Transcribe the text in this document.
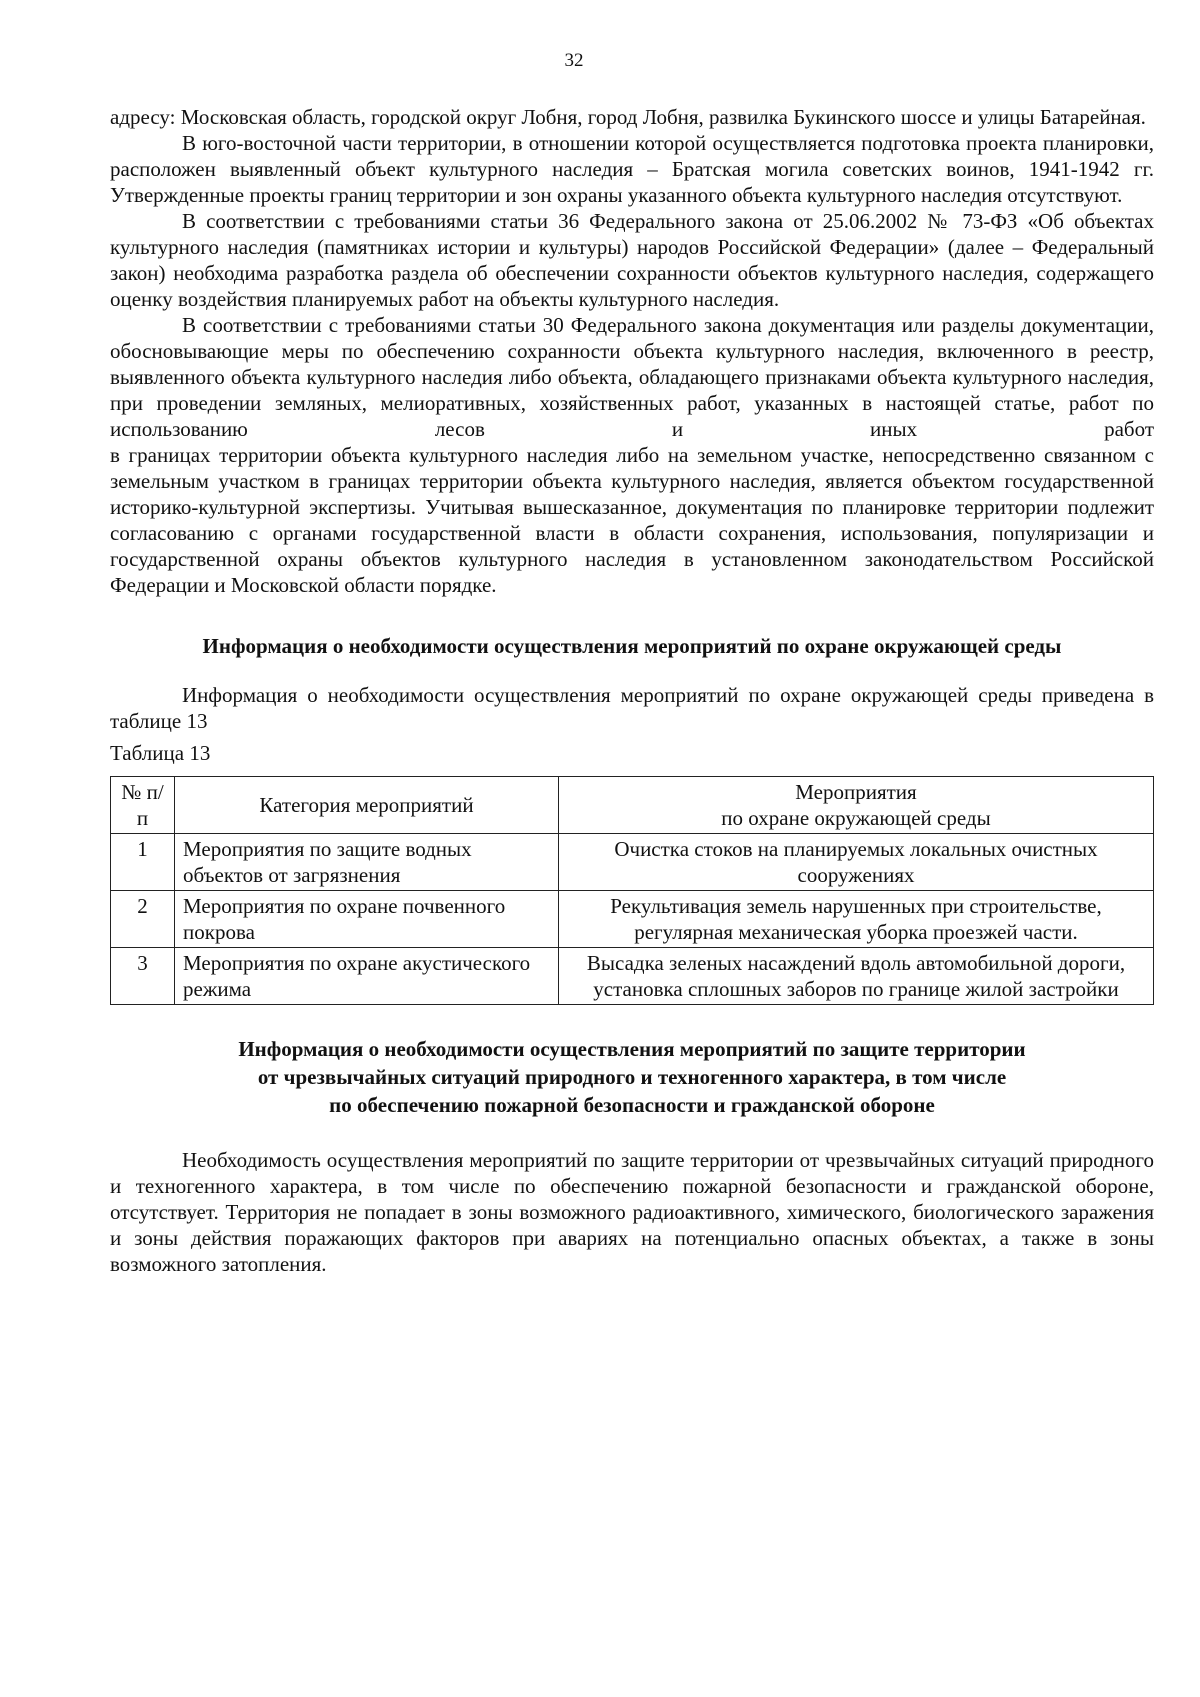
32

адресу: Московская область, городской округ Лобня, город Лобня, развилка Букинского шоссе и улицы Батарейная.

В юго-восточной части территории, в отношении которой осуществляется подготовка проекта планировки, расположен выявленный объект культурного наследия – Братская могила советских воинов, 1941-1942 гг. Утвержденные проекты границ территории и зон охраны указанного объекта культурного наследия отсутствуют.

В соответствии с требованиями статьи 36 Федерального закона от 25.06.2002 № 73-ФЗ «Об объектах культурного наследия (памятниках истории и культуры) народов Российской Федерации» (далее – Федеральный закон) необходима разработка раздела об обеспечении сохранности объектов культурного наследия, содержащего оценку воздействия планируемых работ на объекты культурного наследия.

В соответствии с требованиями статьи 30 Федерального закона документация или разделы документации, обосновывающие меры по обеспечению сохранности объекта культурного наследия, включенного в реестр, выявленного объекта культурного наследия либо объекта, обладающего признаками объекта культурного наследия, при проведении земляных, мелиоративных, хозяйственных работ, указанных в настоящей статье, работ по использованию лесов и иных работ

в границах территории объекта культурного наследия либо на земельном участке, непосредственно связанном с земельным участком в границах территории объекта культурного наследия, является объектом государственной историко-культурной экспертизы. Учитывая вышесказанное, документация по планировке территории подлежит согласованию с органами государственной власти в области сохранения, использования, популяризации и государственной охраны объектов культурного наследия в установленном законодательством Российской Федерации и Московской области порядке.

Информация о необходимости осуществления мероприятий по охране окружающей среды

Информация о необходимости осуществления мероприятий по охране окружающей среды приведена в таблице 13

Таблица 13

№ п/п	Категория мероприятий	Мероприятия
по охране окружающей среды
1	Мероприятия по защите водных объектов от загрязнения	Очистка стоков на планируемых локальных очистных сооружениях
2	Мероприятия по охране почвенного покрова	Рекультивация земель нарушенных при строительстве, регулярная механическая уборка проезжей части.
3	Мероприятия по охране акустического режима	Высадка зеленых насаждений вдоль автомобильной дороги, установка сплошных заборов по границе жилой застройки
Информация о необходимости осуществления мероприятий по защите территории
от чрезвычайных ситуаций природного и техногенного характера, в том числе
по обеспечению пожарной безопасности и гражданской обороне

Необходимость осуществления мероприятий по защите территории от чрезвычайных ситуаций природного и техногенного характера, в том числе по обеспечению пожарной безопасности и гражданской обороне, отсутствует. Территория не попадает в зоны возможного радиоактивного, химического, биологического заражения и зоны действия поражающих факторов при авариях на потенциально опасных объектах, а также в зоны возможного затопления.
